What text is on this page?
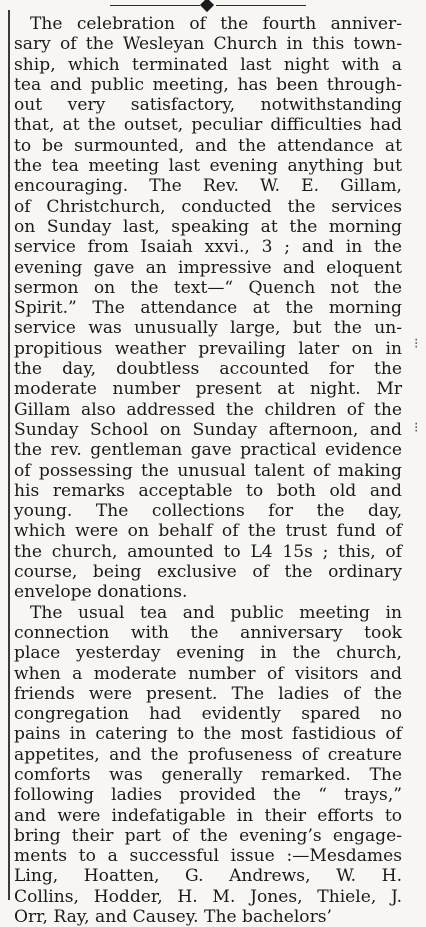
⁝
⁝
The celebration of the fourth anniver-
sary of the Wesleyan Church in this town-
ship, which terminated last night with a
tea and public meeting, has been through-
out very satisfactory, notwithstanding
that, at the outset, peculiar difficulties had
to be surmounted, and the attendance at
the tea meeting last evening anything but
encouraging. The Rev. W. E. Gillam,
of Christchurch, conducted the services
on Sunday last, speaking at the morning
service from Isaiah xxvi., 3 ; and in the
evening gave an impressive and eloquent
sermon on the text—“ Quench not the
Spirit.” The attendance at the morning
service was unusually large, but the un-
propitious weather prevailing later on in
the day, doubtless accounted for the
moderate number present at night. Mr
Gillam also addressed the children of the
Sunday School on Sunday afternoon, and
the rev. gentleman gave practical evidence
of possessing the unusual talent of making
his remarks acceptable to both old and
young. The collections for the day,
which were on behalf of the trust fund of
the church, amounted to L4 15s ; this, of
course, being exclusive of the ordinary
envelope donations.
The usual tea and public meeting in
connection with the anniversary took
place yesterday evening in the church,
when a moderate number of visitors and
friends were present. The ladies of the
congregation had evidently spared no
pains in catering to the most fastidious of
appetites, and the profuseness of creature
comforts was generally remarked. The
following ladies provided the “ trays,”
and were indefatigable in their efforts to
bring their part of the evening’s engage-
ments to a successful issue :—Mesdames
Ling, Hoatten, G. Andrews, W. H.
Collins, Hodder, H. M. Jones, Thiele, J.
Orr, Ray, and Causey. The bachelors’
